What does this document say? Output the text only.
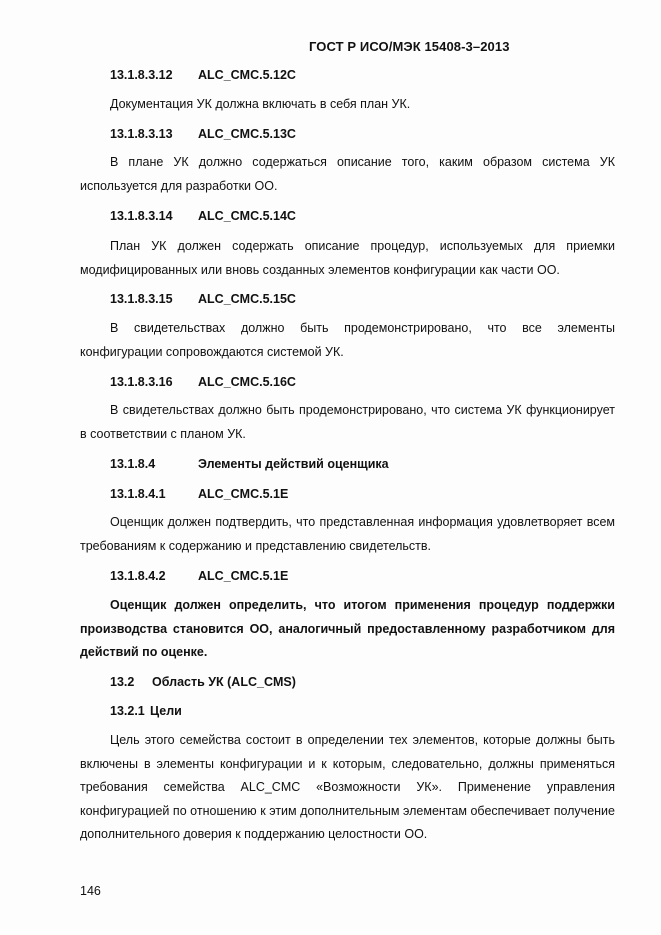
ГОСТ Р ИСО/МЭК 15408-3–2013
13.1.8.3.12 ALC_CMC.5.12C
Документация УК должна включать в себя план УК.
13.1.8.3.13 ALC_CMC.5.13C
В плане УК должно содержаться описание того, каким образом система УК используется для разработки ОО.
13.1.8.3.14 ALC_CMC.5.14C
План УК должен содержать описание процедур, используемых для приемки модифицированных или вновь созданных элементов конфигурации как части ОО.
13.1.8.3.15 ALC_CMC.5.15C
В свидетельствах должно быть продемонстрировано, что все элементы конфигурации сопровождаются системой УК.
13.1.8.3.16 ALC_CMC.5.16C
В свидетельствах должно быть продемонстрировано, что система УК функционирует в соответствии с планом УК.
13.1.8.4	Элементы действий оценщика
13.1.8.4.1	ALC_CMC.5.1E
Оценщик должен подтвердить, что представленная информация удовлетворяет всем требованиям к содержанию и представлению свидетельств.
13.1.8.4.2	ALC_CMC.5.1E
Оценщик должен определить, что итогом применения процедур поддержки производства становится ОО, аналогичный предоставленному разработчиком для действий по оценке.
13.2 Область УК (ALC_CMS)
13.2.1 Цели
Цель этого семейства состоит в определении тех элементов, которые должны быть включены в элементы конфигурации и к которым, следовательно, должны применяться требования семейства ALC_CMC «Возможности УК». Применение управления конфигурацией по отношению к этим дополнительным элементам обеспечивает получение дополнительного доверия к поддержанию целостности ОО.
146
